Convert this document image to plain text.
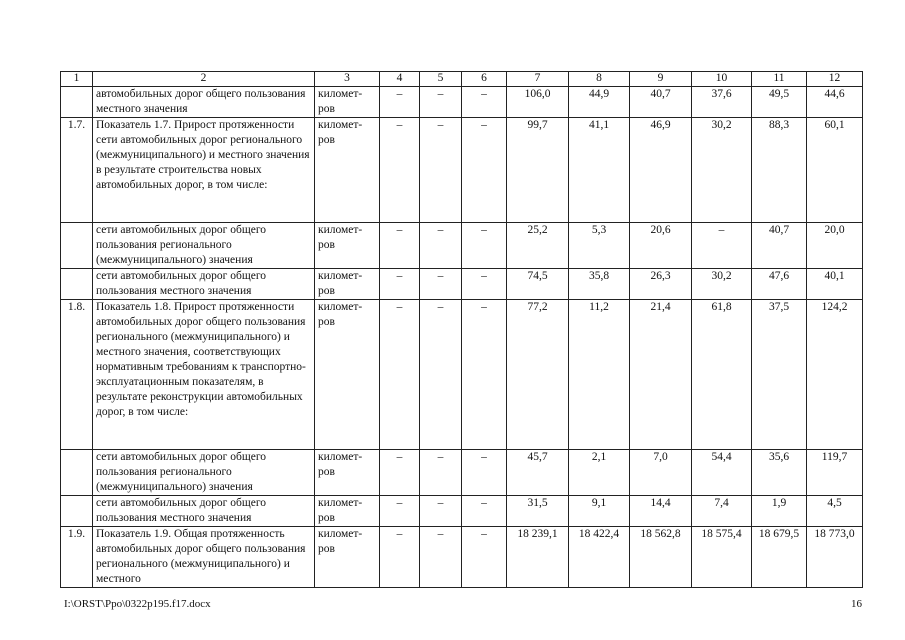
1	2	3	4	5	6	7	8	9	10	11	12
	автомобильных дорог общего пользования местного значения	километ-ров	–	–	–	106,0	44,9	40,7	37,6	49,5	44,6
1.7.	Показатель 1.7. Прирост протяженности сети автомобильных дорог регионального (межмуниципального) и местного значения в результате строительства новых автомобильных дорог, в том числе:	километ-ров	–	–	–	99,7	41,1	46,9	30,2	88,3	60,1
	сети автомобильных дорог общего пользования регионального (межмуниципального) значения	километ-ров	–	–	–	25,2	5,3	20,6	–	40,7	20,0
	сети автомобильных дорог общего пользования местного значения	километ-ров	–	–	–	74,5	35,8	26,3	30,2	47,6	40,1
1.8.	Показатель 1.8. Прирост протяженности автомобильных дорог общего пользования регионального (межмуниципального) и местного значения, соответствующих нормативным требованиям к транспортно-эксплуатационным показателям, в результате реконструкции автомобильных дорог, в том числе:	километ-ров	–	–	–	77,2	11,2	21,4	61,8	37,5	124,2
	сети автомобильных дорог общего пользования регионального (межмуниципального) значения	километ-ров	–	–	–	45,7	2,1	7,0	54,4	35,6	119,7
	сети автомобильных дорог общего пользования местного значения	километ-ров	–	–	–	31,5	9,1	14,4	7,4	1,9	4,5
1.9.	Показатель 1.9. Общая протяженность автомобильных дорог общего пользования регионального (межмуниципального) и местного	километ-ров	–	–	–	18 239,1	18 422,4	18 562,8	18 575,4	18 679,5	18 773,0
I:\ORST\Ppo\0322p195.f17.docx	16
